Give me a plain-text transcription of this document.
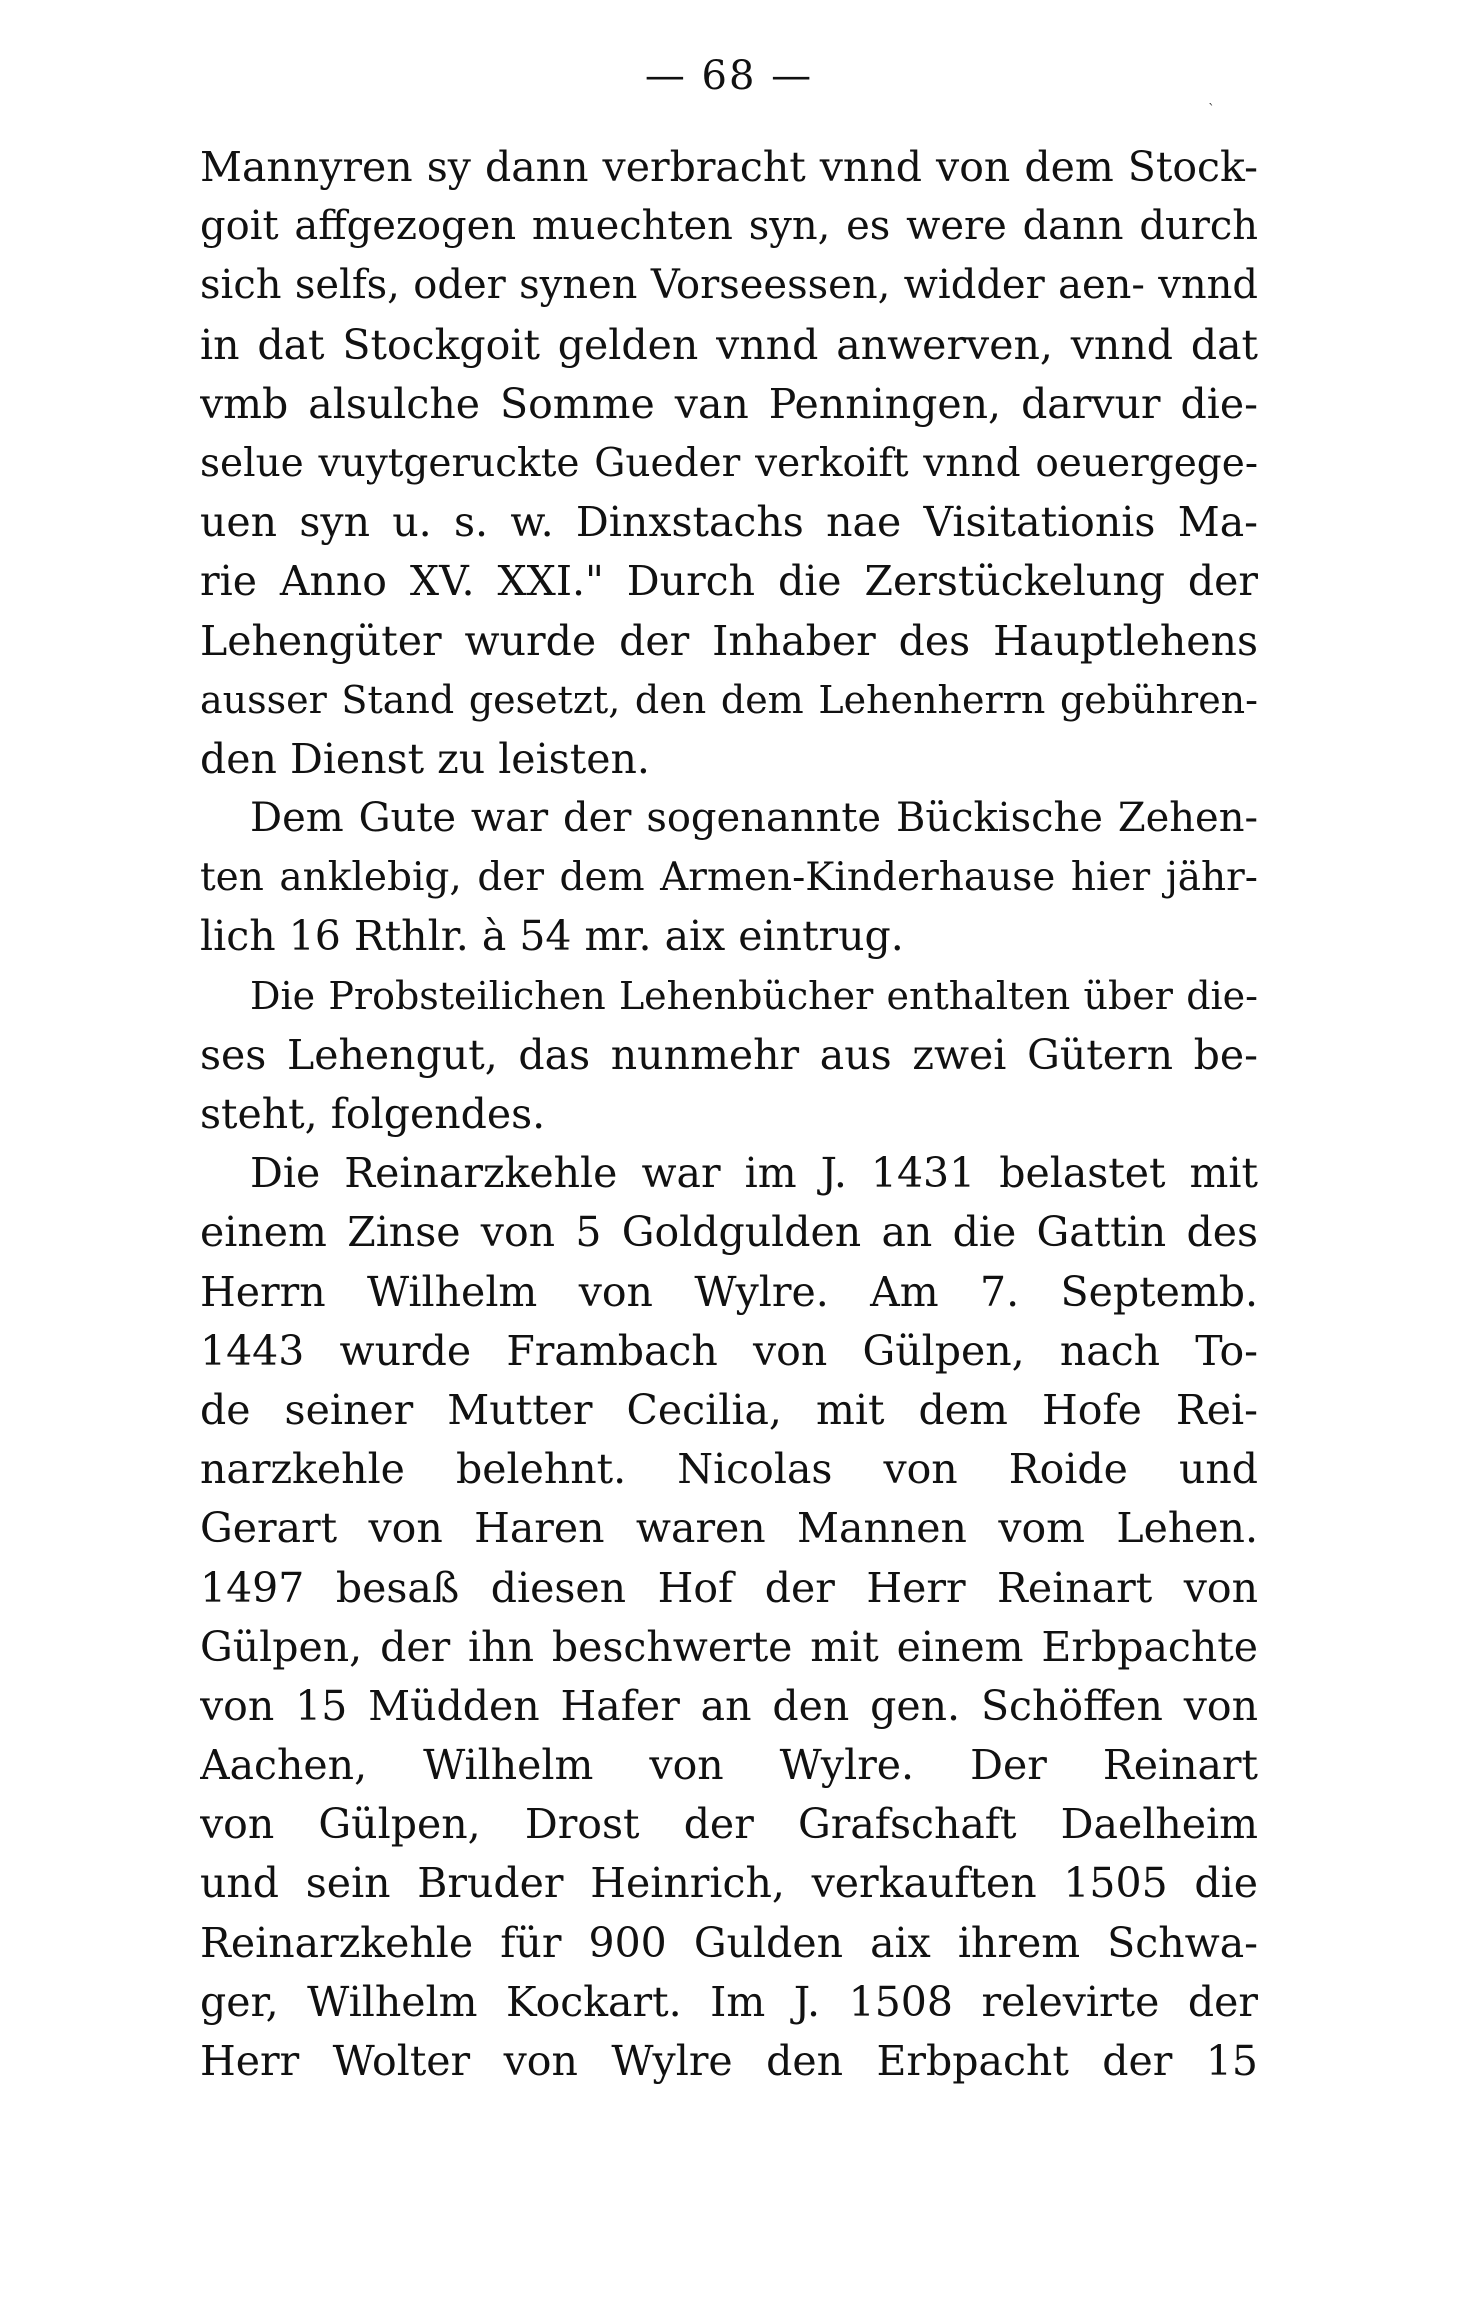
— 68 —
`
Mannyren sy dann verbracht vnnd von dem Stock-
goit affgezogen muechten syn, es were dann durch
sich selfs, oder synen Vorseessen, widder aen- vnnd
in dat Stockgoit gelden vnnd anwerven, vnnd dat
vmb alsulche Somme van Penningen, darvur die-
selue vuytgeruckte Gueder verkoift vnnd oeuergege-
uen syn u. s. w. Dinxstachs nae Visitationis Ma-
rie Anno XV. XXI." Durch die Zerstückelung der
Lehengüter wurde der Inhaber des Hauptlehens
ausser Stand gesetzt, den dem Lehenherrn gebühren-
den Dienst zu leisten.
Dem Gute war der sogenannte Bückische Zehen-
ten anklebig, der dem Armen-Kinderhause hier jähr-
lich 16 Rthlr. à 54 mr. aix eintrug.
Die Probsteilichen Lehenbücher enthalten über die-
ses Lehengut, das nunmehr aus zwei Gütern be-
steht, folgendes.
Die Reinarzkehle war im J. 1431 belastet mit
einem Zinse von 5 Goldgulden an die Gattin des
Herrn Wilhelm von Wylre. Am 7. Septemb.
1443 wurde Frambach von Gülpen, nach To-
de seiner Mutter Cecilia, mit dem Hofe Rei-
narzkehle belehnt. Nicolas von Roide und
Gerart von Haren waren Mannen vom Lehen.
1497 besaß diesen Hof der Herr Reinart von
Gülpen, der ihn beschwerte mit einem Erbpachte
von 15 Müdden Hafer an den gen. Schöffen von
Aachen, Wilhelm von Wylre. Der Reinart
von Gülpen, Drost der Grafschaft Daelheim
und sein Bruder Heinrich, verkauften 1505 die
Reinarzkehle für 900 Gulden aix ihrem Schwa-
ger, Wilhelm Kockart. Im J. 1508 relevirte der
Herr Wolter von Wylre den Erbpacht der 15
